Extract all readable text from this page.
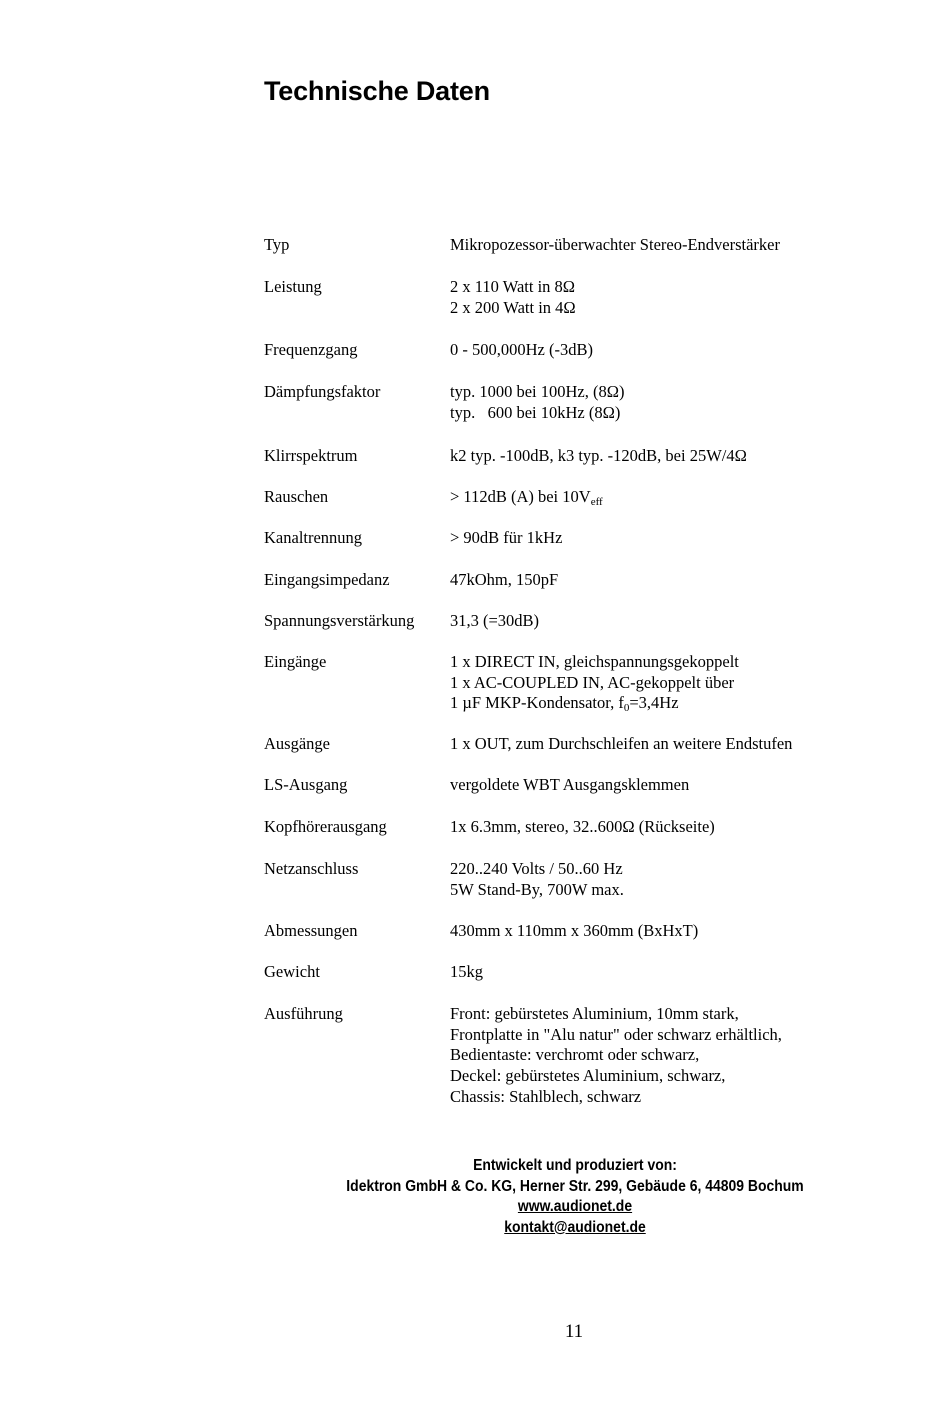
Technische Daten
Typ	Mikropozessor-überwachter Stereo-Endverstärker
Leistung	2 x 110 Watt in 8Ω
2 x 200 Watt in 4Ω
Frequenzgang	0 - 500,000Hz (-3dB)
Dämpfungsfaktor	typ. 1000 bei 100Hz, (8Ω)
typ.   600 bei 10kHz (8Ω)
Klirrspektrum	k2 typ. -100dB, k3 typ. -120dB, bei 25W/4Ω
Rauschen	> 112dB (A) bei $10V_{eff}$
Kanaltrennung	> 90dB für 1kHz
Eingangsimpedanz	47kOhm, 150pF
Spannungsverstärkung 31,3 (=30dB)
Eingänge	1 x DIRECT IN, gleichspannungsgekoppelt
1 x AC-COUPLED IN, AC-gekoppelt über
1 µF MKP-Kondensator, $f_0=3,4Hz$
Ausgänge	1 x OUT, zum Durchschleifen an weitere Endstufen
LS-Ausgang	vergoldete WBT Ausgangsklemmen
Kopfhörerausgang	1x 6.3mm, stereo, 32..600Ω (Rückseite)
Netzanschluss	220..240 Volts / 50..60 Hz
5W Stand-By, 700W max.
Abmessungen	430mm x 110mm x 360mm (BxHxT)
Gewicht	15kg
Ausführung	Front: gebürstetes Aluminium, 10mm stark,
Frontplatte in "Alu natur" oder schwarz erhältlich,
Bedientaste: verchromt oder schwarz,
Deckel: gebürstetes Aluminium, schwarz,
Chassis: Stahlblech, schwarz
Entwickelt und produziert von:
Idektron GmbH & Co. KG, Herner Str. 299, Gebäude 6, 44809 Bochum
www.audionet.de
kontakt@audionet.de
11
